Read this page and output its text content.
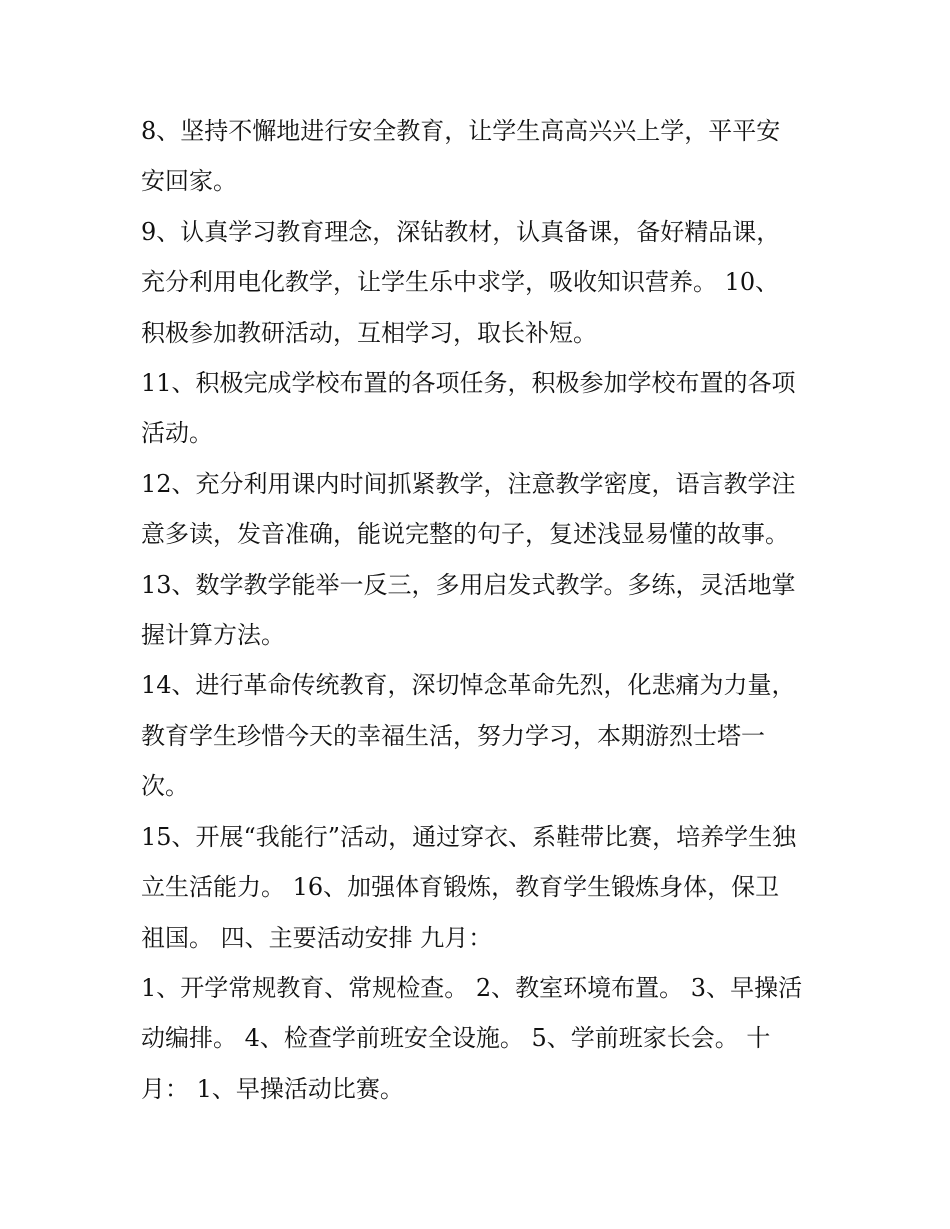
8、坚持不懈地进行安全教育，让学生高高兴兴上学，平平安

安回家。

9、认真学习教育理念，深钻教材，认真备课，备好精品课，

充分利用电化教学，让学生乐中求学，吸收知识营养。 10、

积极参加教研活动，互相学习，取长补短。

11、积极完成学校布置的各项任务，积极参加学校布置的各项

活动。

12、充分利用课内时间抓紧教学，注意教学密度，语言教学注

意多读，发音准确，能说完整的句子，复述浅显易懂的故事。

13、数学教学能举一反三，多用启发式教学。多练，灵活地掌

握计算方法。

14、进行革命传统教育，深切悼念革命先烈，化悲痛为力量，

教育学生珍惜今天的幸福生活，努力学习，本期游烈士塔一

次。

15、开展“我能行”活动，通过穿衣、系鞋带比赛，培养学生独

立生活能力。 16、加强体育锻炼，教育学生锻炼身体，保卫

祖国。 四、主要活动安排 九月：

1、开学常规教育、常规检查。 2、教室环境布置。 3、早操活

动编排。 4、检查学前班安全设施。 5、学前班家长会。 十

月： 1、早操活动比赛。
